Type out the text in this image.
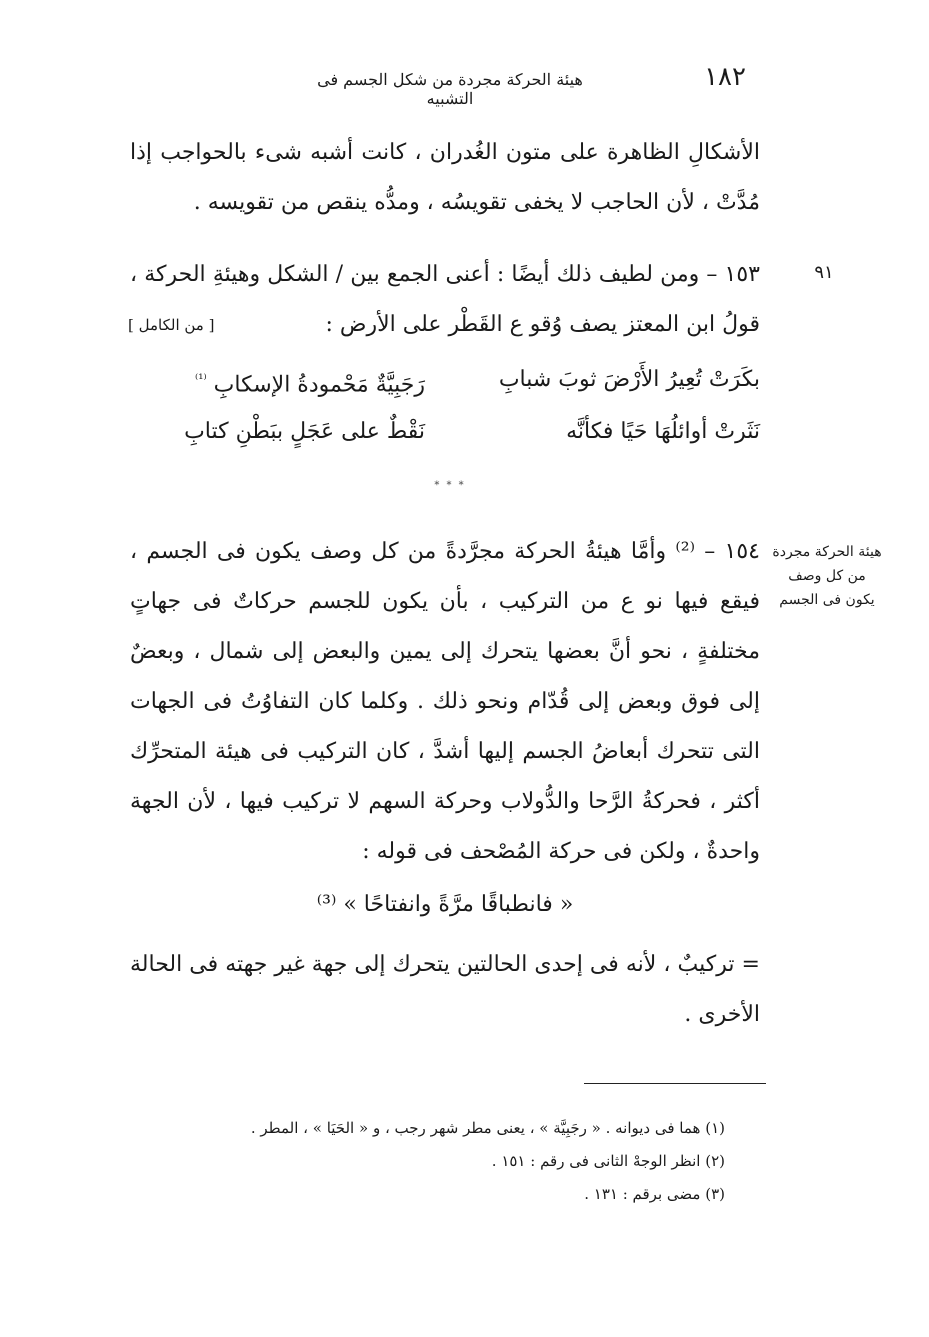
١٨٢
هيئة الحركة مجردة من شكل الجسم فى التشبيه
الأشكالِ الظاهرة على متون الغُدران ، كانت أشبه شىء بالحواجب إذا مُدَّتْ ، لأن الحاجب لا يخفى تقويسُه ، ومدُّه ينقص من تقويسه .
٩١
١٥٣ – ومن لطيف ذلك أيضًا : أعنى الجمع بين / الشكل وهيئةِ الحركة ، قولُ ابن المعتز يصف وُقو ع القَطْر على الأرض :
[ من الكامل ]
بكَرَتْ تُعِيرُ الأَرْضَ ثوبَ شبابِ
رَجَبِيَّةٌ مَحْمودةُ الإسكابِ $^{^{(1)}}$
نَثَرتْ أوائلُهَا حَيًا فكأنَّه
نَقْطٌ على عَجَلٍ ببَطْنِ كتابِ
* * *
هيئة الحركة مجردة من كل وصف يكون فى الجسم
١٥٤ – ⁽²⁾ وأمَّا هيئةُ الحركة مجرَّدةً من كل وصف يكون فى الجسم ، فيقع فيها نو ع من التركيب ، بأن يكون للجسم حركاتٌ فى جهاتٍ مختلفةٍ ، نحو أنَّ بعضها يتحرك إلى يمين والبعض إلى شمال ، وبعضٌ إلى فوق وبعض إلى قُدّام ونحو ذلك . وكلما كان التفاوُتُ فى الجهات التى تتحرك أبعاضُ الجسم إليها أشدَّ ، كان التركيب فى هيئة المتحرِّك أكثر ، فحركةُ الرَّحا والدُّولاب وحركة السهم لا تركيب فيها ، لأن الجهة واحدةٌ ، ولكن فى حركة المُصْحف فى قوله :
« فانطباقًا مرَّةً وانفتاحًا » ⁽³⁾
= تركيبٌ ، لأنه فى إحدى الحالتين يتحرك إلى جهة غير جهته فى الحالة الأخرى .

(١) هما فى ديوانه . « رجَبِيَّة » ، يعنى مطر شهر رجب ، و « الحَيَا » ، المطر .

(٢) انظر الوجهْ الثانى فى رقم : ١٥١ .

(٣) مضى برقم : ١٣١ .
